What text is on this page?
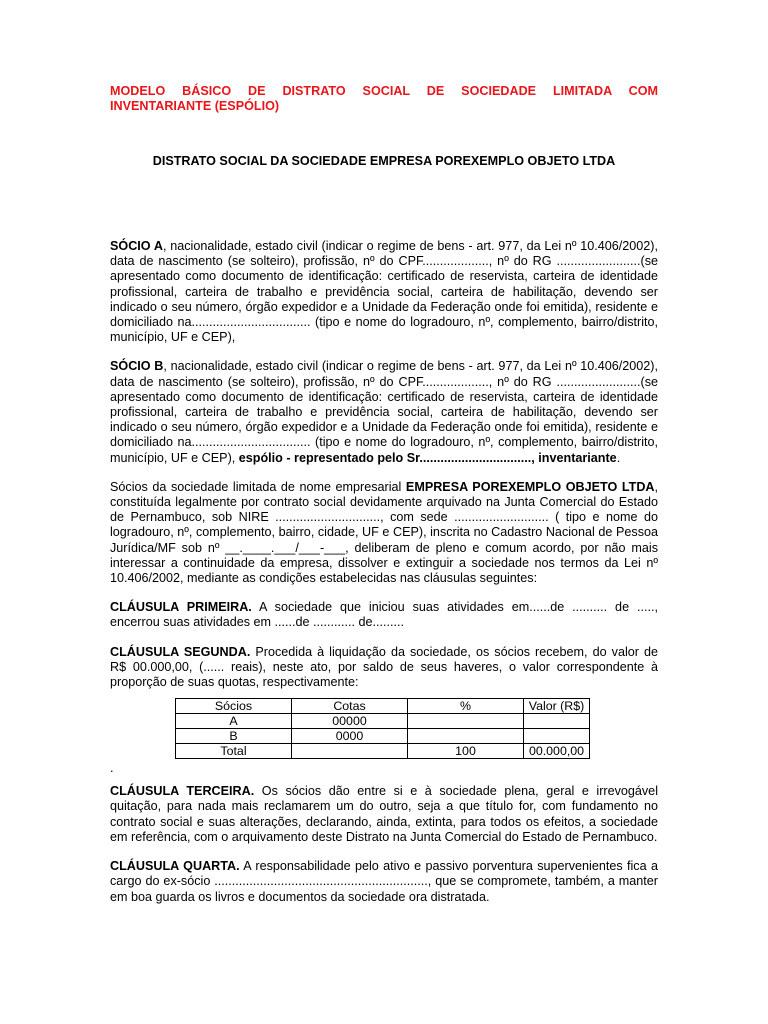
MODELO BÁSICO DE DISTRATO SOCIAL DE SOCIEDADE LIMITADA COM
INVENTARIANTE (ESPÓLIO)

DISTRATO SOCIAL DA SOCIEDADE EMPRESA POREXEMPLO OBJETO LTDA

SÓCIO A, nacionalidade, estado civil (indicar o regime de bens - art. 977, da Lei nº 10.406/2002), data de nascimento (se solteiro), profissão, nº do CPF..................., nº do RG ........................(se apresentado como documento de identificação: certificado de reservista, carteira de identidade profissional, carteira de trabalho e previdência social, carteira de habilitação, devendo ser indicado o seu número, órgão expedidor e a Unidade da Federação onde foi emitida), residente e domiciliado na.................................. (tipo e nome do logradouro, nº, complemento, bairro/distrito, município, UF e CEP),

SÓCIO B, nacionalidade, estado civil (indicar o regime de bens - art. 977, da Lei nº 10.406/2002), data de nascimento (se solteiro), profissão, nº do CPF..................., nº do RG ........................(se apresentado como documento de identificação: certificado de reservista, carteira de identidade profissional, carteira de trabalho e previdência social, carteira de habilitação, devendo ser indicado o seu número, órgão expedidor e a Unidade da Federação onde foi emitida), residente e domiciliado na.................................. (tipo e nome do logradouro, nº, complemento, bairro/distrito, município, UF e CEP), espólio - representado pelo Sr................................, inventariante.

Sócios da sociedade limitada de nome empresarial EMPRESA POREXEMPLO OBJETO LTDA, constituída legalmente por contrato social devidamente arquivado na Junta Comercial do Estado de Pernambuco, sob NIRE .............................., com sede ........................... ( tipo e nome do logradouro, nº, complemento, bairro, cidade, UF e CEP), inscrita no Cadastro Nacional de Pessoa Jurídica/MF sob nº __.____.___/___-___, deliberam de pleno e comum acordo, por não mais interessar a continuidade da empresa, dissolver e extinguir a sociedade nos termos da Lei nº 10.406/2002, mediante as condições estabelecidas nas cláusulas seguintes:

CLÁUSULA PRIMEIRA. A sociedade que iniciou suas atividades em......de .......... de ....., encerrou suas atividades em ......de ............ de.........

CLÁUSULA SEGUNDA. Procedida à liquidação da sociedade, os sócios recebem, do valor de R$ 00.000,00, (...... reais), neste ato, por saldo de seus haveres, o valor correspondente à proporção de suas quotas, respectivamente:

Sócios	Cotas	%	Valor (R$)
A	00000		
B	0000		
Total		100	00.000,00

.

CLÁUSULA TERCEIRA. Os sócios dão entre si e à sociedade plena, geral e irrevogável quitação, para nada mais reclamarem um do outro, seja a que título for, com fundamento no contrato social e suas alterações, declarando, ainda, extinta, para todos os efeitos, a sociedade em referência, com o arquivamento deste Distrato na Junta Comercial do Estado de Pernambuco.

CLÁUSULA QUARTA. A responsabilidade pelo ativo e passivo porventura supervenientes fica a cargo do ex-sócio ............................................................., que se compromete, também, a manter em boa guarda os livros e documentos da sociedade ora distratada.
